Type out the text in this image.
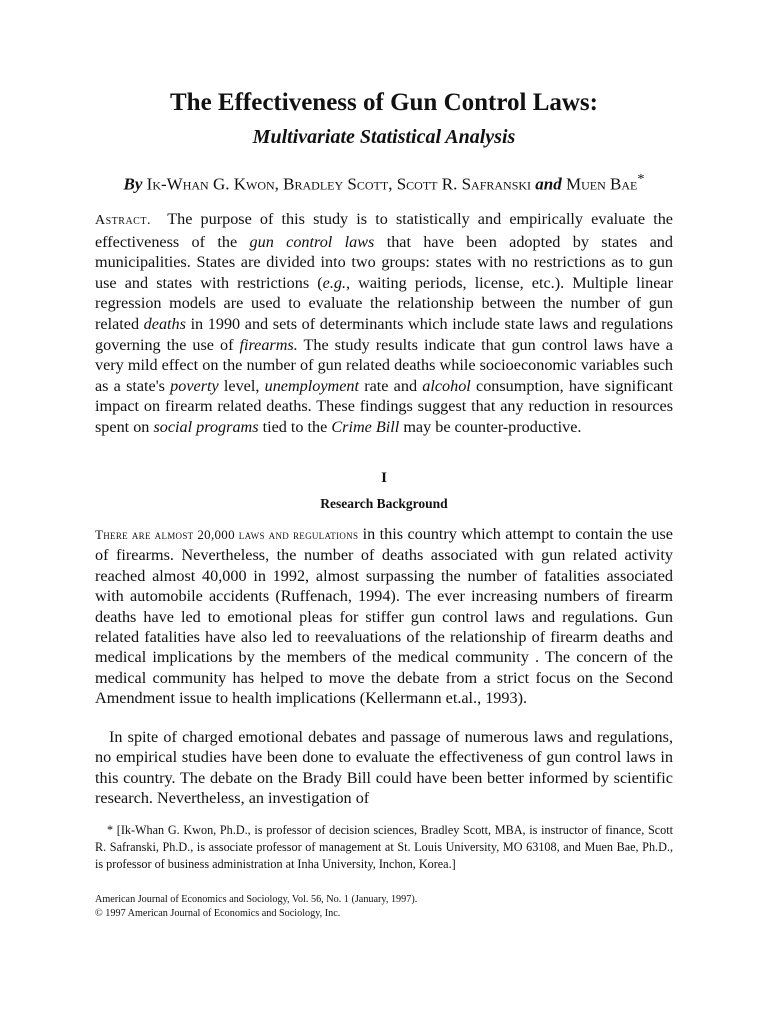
The Effectiveness of Gun Control Laws:
Multivariate Statistical Analysis

By Ik-Whan G. Kwon, Bradley Scott, Scott R. Safranski and Muen Bae*

Astract. The purpose of this study is to statistically and empirically evaluate the effectiveness of the gun control laws that have been adopted by states and municipalities. States are divided into two groups: states with no restrictions as to gun use and states with restrictions (e.g., waiting periods, license, etc.). Multiple linear regression models are used to evaluate the relationship between the number of gun related deaths in 1990 and sets of determinants which include state laws and regulations governing the use of firearms. The study results indicate that gun control laws have a very mild effect on the number of gun related deaths while socioeconomic variables such as a state's poverty level, unemployment rate and alcohol consumption, have significant impact on firearm related deaths. These findings suggest that any reduction in resources spent on social programs tied to the Crime Bill may be counter-productive.

I
Research Background

There are almost 20,000 laws and regulations in this country which attempt to contain the use of firearms. Nevertheless, the number of deaths associated with gun related activity reached almost 40,000 in 1992, almost surpassing the number of fatalities associated with automobile accidents (Ruffenach, 1994). The ever increasing numbers of firearm deaths have led to emotional pleas for stiffer gun control laws and regulations. Gun related fatalities have also led to reevaluations of the relationship of firearm deaths and medical implications by the members of the medical community . The concern of the medical community has helped to move the debate from a strict focus on the Second Amendment issue to health implications (Kellermann et.al., 1993).

In spite of charged emotional debates and passage of numerous laws and regulations, no empirical studies have been done to evaluate the effectiveness of gun control laws in this country. The debate on the Brady Bill could have been better informed by scientific research. Nevertheless, an investigation of

* [Ik-Whan G. Kwon, Ph.D., is professor of decision sciences, Bradley Scott, MBA, is instructor of finance, Scott R. Safranski, Ph.D., is associate professor of management at St. Louis University, MO 63108, and Muen Bae, Ph.D., is professor of business administration at Inha University, Inchon, Korea.]

American Journal of Economics and Sociology, Vol. 56, No. 1 (January, 1997).
© 1997 American Journal of Economics and Sociology, Inc.
